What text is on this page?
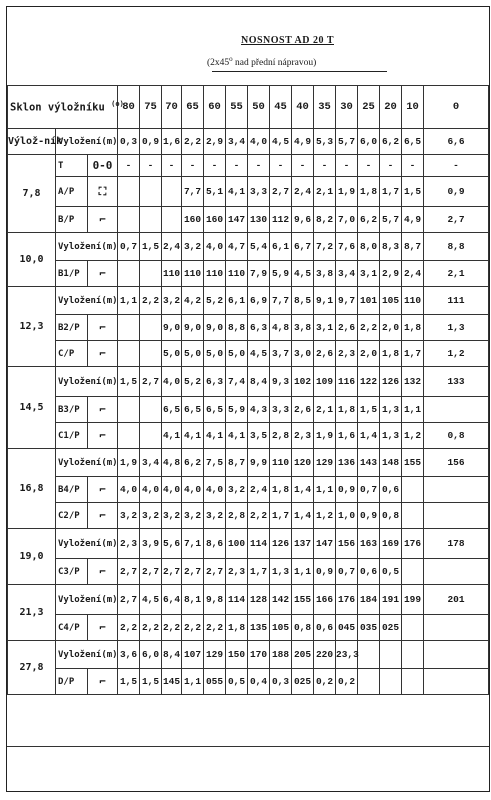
NOSNOST AD 20 T
(2x45$^o$ nad přední nápravou)
Sklon výložníku $^{(o)}$			80	75	70	65	60	55	50	45	40	35	30	25	20	10	0
Výlož-ník	Vyložení(m)		0,3	0,9	1,6	2,2	2,9	3,4	4,0	4,5	4,9	5,3	5,7	6,0	6,2	6,5	6,6
7,8	T	0-0	-	-	-	-	-	-	-	-	-	-	-	-	-	-	-
	A/P	⛶				7,7	5,1	4,1	3,3	2,7	2,4	2,1	1,9	1,8	1,7	1,5	0,9
	B/P	⌐				160	160	147	130	112	9,6	8,2	7,0	6,2	5,7	4,9	2,7
10,0	Vyložení(m)		0,7	1,5	2,4	3,2	4,0	4,7	5,4	6,1	6,7	7,2	7,6	8,0	8,3	8,7	8,8
	B1/P	⌐			110	110	110	110	7,9	5,9	4,5	3,8	3,4	3,1	2,9	2,4	2,1
12,3	Vyložení(m)		1,1	2,2	3,2	4,2	5,2	6,1	6,9	7,7	8,5	9,1	9,7	101	105	110	111
	B2/P	⌐			9,0	9,0	9,0	8,8	6,3	4,8	3,8	3,1	2,6	2,2	2,0	1,8	1,3
	C/P	⌐			5,0	5,0	5,0	5,0	4,5	3,7	3,0	2,6	2,3	2,0	1,8	1,7	1,2
14,5	Vyložení(m)		1,5	2,7	4,0	5,2	6,3	7,4	8,4	9,3	102	109	116	122	126	132	133
	B3/P	⌐			6,5	6,5	6,5	5,9	4,3	3,3	2,6	2,1	1,8	1,5	1,3	1,1	
	C1/P	⌐			4,1	4,1	4,1	4,1	3,5	2,8	2,3	1,9	1,6	1,4	1,3	1,2	0,8
16,8	Vyložení(m)		1,9	3,4	4,8	6,2	7,5	8,7	9,9	110	120	129	136	143	148	155	156
	B4/P	⌐	4,0	4,0	4,0	4,0	4,0	3,2	2,4	1,8	1,4	1,1	0,9	0,7	0,6		
	C2/P	⌐	3,2	3,2	3,2	3,2	3,2	2,8	2,2	1,7	1,4	1,2	1,0	0,9	0,8		
19,0	Vyložení(m)		2,3	3,9	5,6	7,1	8,6	100	114	126	137	147	156	163	169	176	178
	C3/P	⌐	2,7	2,7	2,7	2,7	2,7	2,3	1,7	1,3	1,1	0,9	0,7	0,6	0,5		
21,3	Vyložení(m)		2,7	4,5	6,4	8,1	9,8	114	128	142	155	166	176	184	191	199	201
	C4/P	⌐	2,2	2,2	2,2	2,2	2,2	1,8	135	105	0,8	0,6	045	035	025		
27,8	Vyložení(m)		3,6	6,0	8,4	107	129	150	170	188	205	220	23,3				
	D/P	⌐	1,5	1,5	145	1,1	055	0,5	0,4	0,3	025	0,2	0,2				
